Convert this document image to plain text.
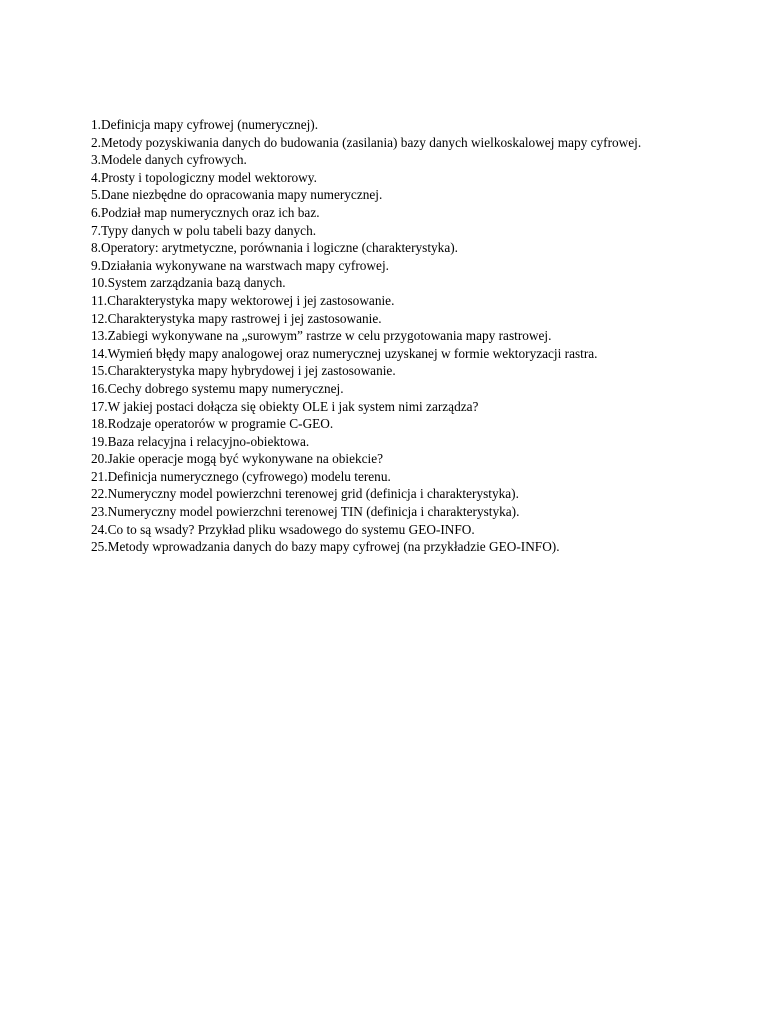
1.Definicja mapy cyfrowej (numerycznej).
2.Metody pozyskiwania danych do budowania (zasilania) bazy danych wielkoskalowej mapy cyfrowej.
3.Modele danych cyfrowych.
4.Prosty i topologiczny model wektorowy.
5.Dane niezbędne do opracowania mapy numerycznej.
6.Podział map numerycznych oraz ich baz.
7.Typy danych w polu tabeli bazy danych.
8.Operatory: arytmetyczne, porównania i logiczne (charakterystyka).
9.Działania wykonywane na warstwach mapy cyfrowej.
10.System zarządzania bazą danych.
11.Charakterystyka mapy wektorowej i jej zastosowanie.
12.Charakterystyka mapy rastrowej i jej zastosowanie.
13.Zabiegi wykonywane na „surowym” rastrze w celu przygotowania mapy rastrowej.
14.Wymień błędy mapy analogowej oraz numerycznej uzyskanej w formie wektoryzacji rastra.
15.Charakterystyka mapy hybrydowej i jej zastosowanie.
16.Cechy dobrego systemu mapy numerycznej.
17.W jakiej postaci dołącza się obiekty OLE i jak system nimi zarządza?
18.Rodzaje operatorów w programie C-GEO.
19.Baza relacyjna i relacyjno-obiektowa.
20.Jakie operacje mogą być wykonywane na obiekcie?
21.Definicja numerycznego (cyfrowego) modelu terenu.
22.Numeryczny model powierzchni terenowej grid (definicja i charakterystyka).
23.Numeryczny model powierzchni terenowej TIN (definicja i charakterystyka).
24.Co to są wsady? Przykład pliku wsadowego do systemu GEO-INFO.
25.Metody wprowadzania danych do bazy mapy cyfrowej (na przykładzie GEO-INFO).
